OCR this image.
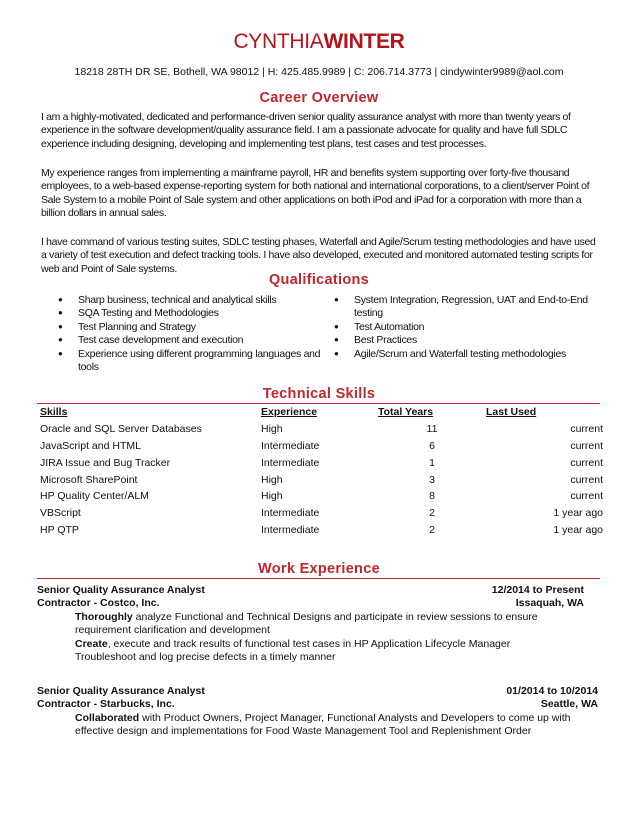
CYNTHIAWINTER
18218 28TH DR SE, Bothell, WA 98012 | H: 425.485.9989 | C: 206.714.3773 | cindywinter9989@aol.com
Career Overview
I am a highly-motivated, dedicated and performance-driven senior quality assurance analyst with more than twenty years of experience in the software development/quality assurance field. I am a passionate advocate for quality and have full SDLC experience including designing, developing and implementing test plans, test cases and test processes.
My experience ranges from implementing a mainframe payroll, HR and benefits system supporting over forty-five thousand employees, to a web-based expense-reporting system for both national and international corporations, to a client/server Point of Sale System to a mobile Point of Sale system and other applications on both iPod and iPad for a corporation with more than a billion dollars in annual sales.
I have command of various testing suites, SDLC testing phases, Waterfall and Agile/Scrum testing methodologies and have used a variety of test execution and defect tracking tools. I have also developed, executed and monitored automated testing scripts for web and Point of Sale systems.
Qualifications
● Sharp business, technical and analytical skills
● SQA Testing and Methodologies
● Test Planning and Strategy
● Test case development and execution
● Experience using different programming languages and tools
● System Integration, Regression, UAT and End-to-End testing
● Test Automation
● Best Practices
● Agile/Scrum and Waterfall testing methodologies
Technical Skills
Skills	Experience	Total Years	Last Used
Oracle and SQL Server Databases	High	11	current
JavaScript and HTML	Intermediate	6	current
JIRA Issue and Bug Tracker	Intermediate	1	current
Microsoft SharePoint	High	3	current
HP Quality Center/ALM	High	8	current
VBScript	Intermediate	2	1 year ago
HP QTP	Intermediate	2	1 year ago
Work Experience
Senior Quality Assurance Analyst	12/2014 to Present
Contractor - Costco, Inc.	Issaquah, WA
Thoroughly analyze Functional and Technical Designs and participate in review sessions to ensure requirement clarification and development
Create, execute and track results of functional test cases in HP Application Lifecycle Manager
Troubleshoot and log precise defects in a timely manner
Senior Quality Assurance Analyst	01/2014 to 10/2014
Contractor - Starbucks, Inc.	Seattle, WA
Collaborated with Product Owners, Project Manager, Functional Analysts and Developers to come up with effective design and implementations for Food Waste Management Tool and Replenishment Order
